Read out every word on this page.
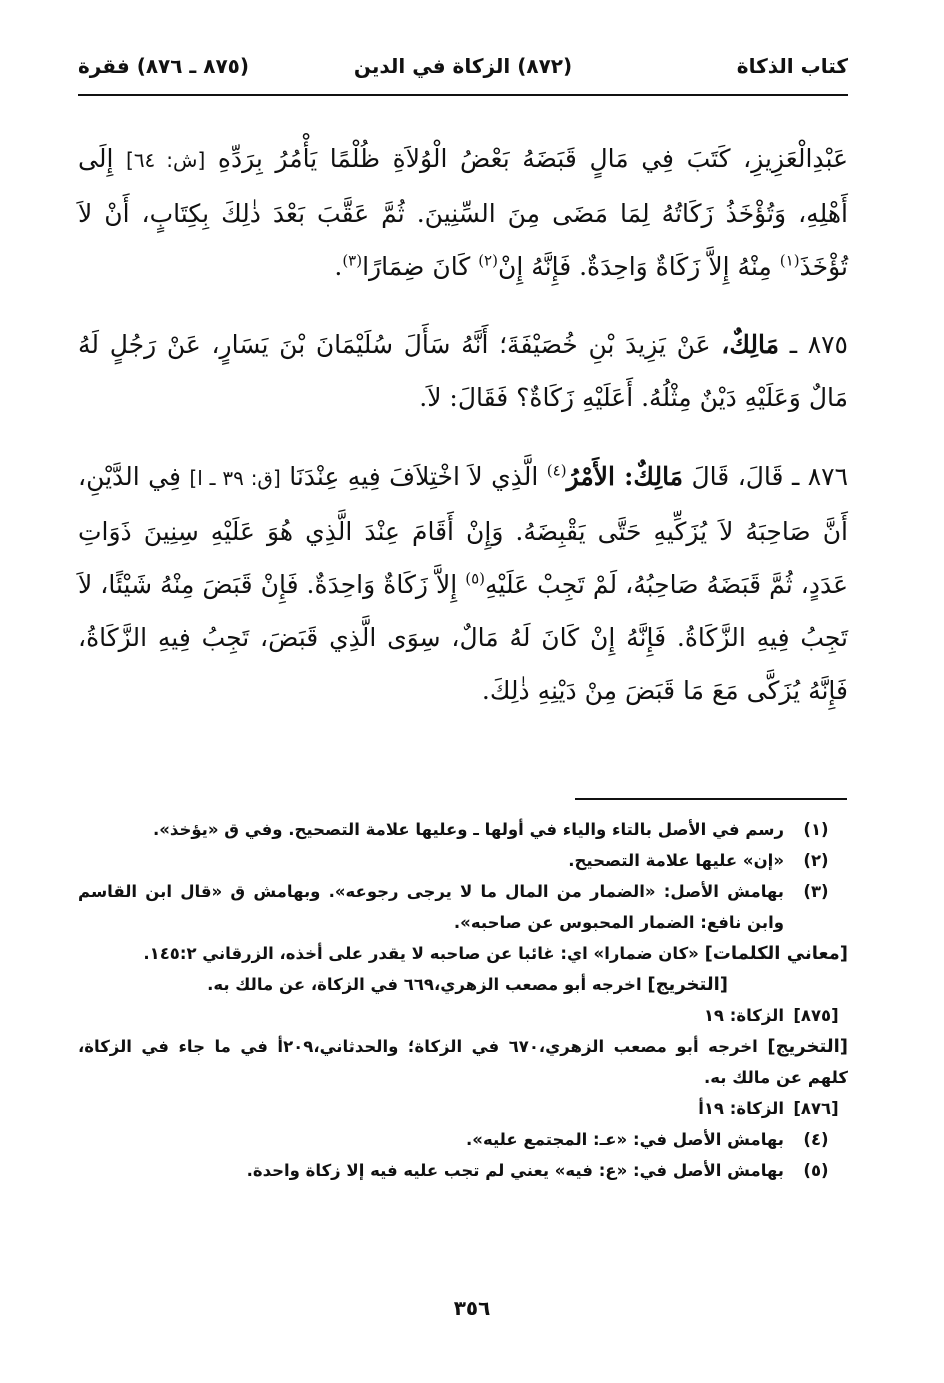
كتاب الذكاة
(٨٧٢) الزكاة في الدين
(٨٧٥ ـ ٨٧٦) فقرة

عَبْدِالْعَزِيزِ، كَتَبَ فِي مَالٍ قَبَضَهُ بَعْضُ الْوُلاَةِ ظُلْمًا يَأْمُرُ بِرَدِّهِ [ش: ٦٤] إِلَى أَهْلِهِ، وَتُؤْخَذُ زَكَاتُهُ لِمَا مَضَى مِنَ السِّنِينَ. ثُمَّ عَقَّبَ بَعْدَ ذٰلِكَ بِكِتَابٍ، أَنْ لاَ تُؤْخَذَ$^{(١)}$ مِنْهُ إِلاَّ زَكَاةٌ وَاحِدَةٌ. فَإِنَّهُ إِنْ$^{(٢)}$ كَانَ ضِمَارًا$^{(٣)}$.

٨٧٥ ـ مَالِكٌ، عَنْ يَزِيدَ بْنِ خُصَيْفَةَ؛ أَنَّهُ سَأَلَ سُلَيْمَانَ بْنَ يَسَارٍ، عَنْ رَجُلٍ لَهُ مَالٌ وَعَلَيْهِ دَيْنٌ مِثْلُهُ. أَعَلَيْهِ زَكَاةٌ؟ فَقَالَ: لاَ.

٨٧٦ ـ قَالَ، قَالَ مَالِكٌ: الأَمْرُ$^{(٤)}$ الَّذِي لاَ اخْتِلاَفَ فِيهِ عِنْدَنَا [ق: ٣٩ ـ ا] فِي الدَّيْنِ، أَنَّ صَاحِبَهُ لاَ يُزَكِّيهِ حَتَّى يَقْبِضَهُ. وَإِنْ أَقَامَ عِنْدَ الَّذِي هُوَ عَلَيْهِ سِنِينَ ذَوَاتِ عَدَدٍ، ثُمَّ قَبَضَهُ صَاحِبُهُ، لَمْ تَجِبْ عَلَيْهِ$^{(٥)}$ إِلاَّ زَكَاةٌ وَاحِدَةٌ. فَإِنْ قَبَضَ مِنْهُ شَيْئًا، لاَ تَجِبُ فِيهِ الزَّكَاةُ. فَإِنَّهُ إِنْ كَانَ لَهُ مَالٌ، سِوَى الَّذِي قَبَضَ، تَجِبُ فِيهِ الزَّكَاةُ، فَإِنَّهُ يُزَكَّى مَعَ مَا قَبَضَ مِنْ دَيْنِهِ ذٰلِكَ.

(١)
رسم في الأصل بالتاء والياء في أولها ـ وعليها علامة التصحيح. وفي ق «يؤخذ».
(٢)
«إن» عليها علامة التصحيح.
(٣)
بهامش الأصل: «الضمار من المال ما لا يرجى رجوعه». وبهامش ق «قال ابن القاسم وابن نافع: الضمار المحبوس عن صاحبه».
[معاني الكلمات] «كان ضمارا» اي: غائبا عن صاحبه لا يقدر على أخذه، الزرقاني ١٤٥:٢.
[التخريج] اخرجه أبو مصعب الزهري،٦٦٩ في الزكاة، عن مالك به.
[٨٧٥]
الزكاة: ١٩
[التخريج] اخرجه أبو مصعب الزهري،٦٧٠ في الزكاة؛ والحدثاني،٢٠٩أ في ما جاء في الزكاة، كلهم عن مالك به.
[٨٧٦]
الزكاة: ١٩أ
(٤)
بهامش الأصل في: «عـ: المجتمع عليه».
(٥)
بهامش الأصل في: «ع: فيه» يعني لم تجب عليه فيه إلا زكاة واحدة.
٣٥٦
